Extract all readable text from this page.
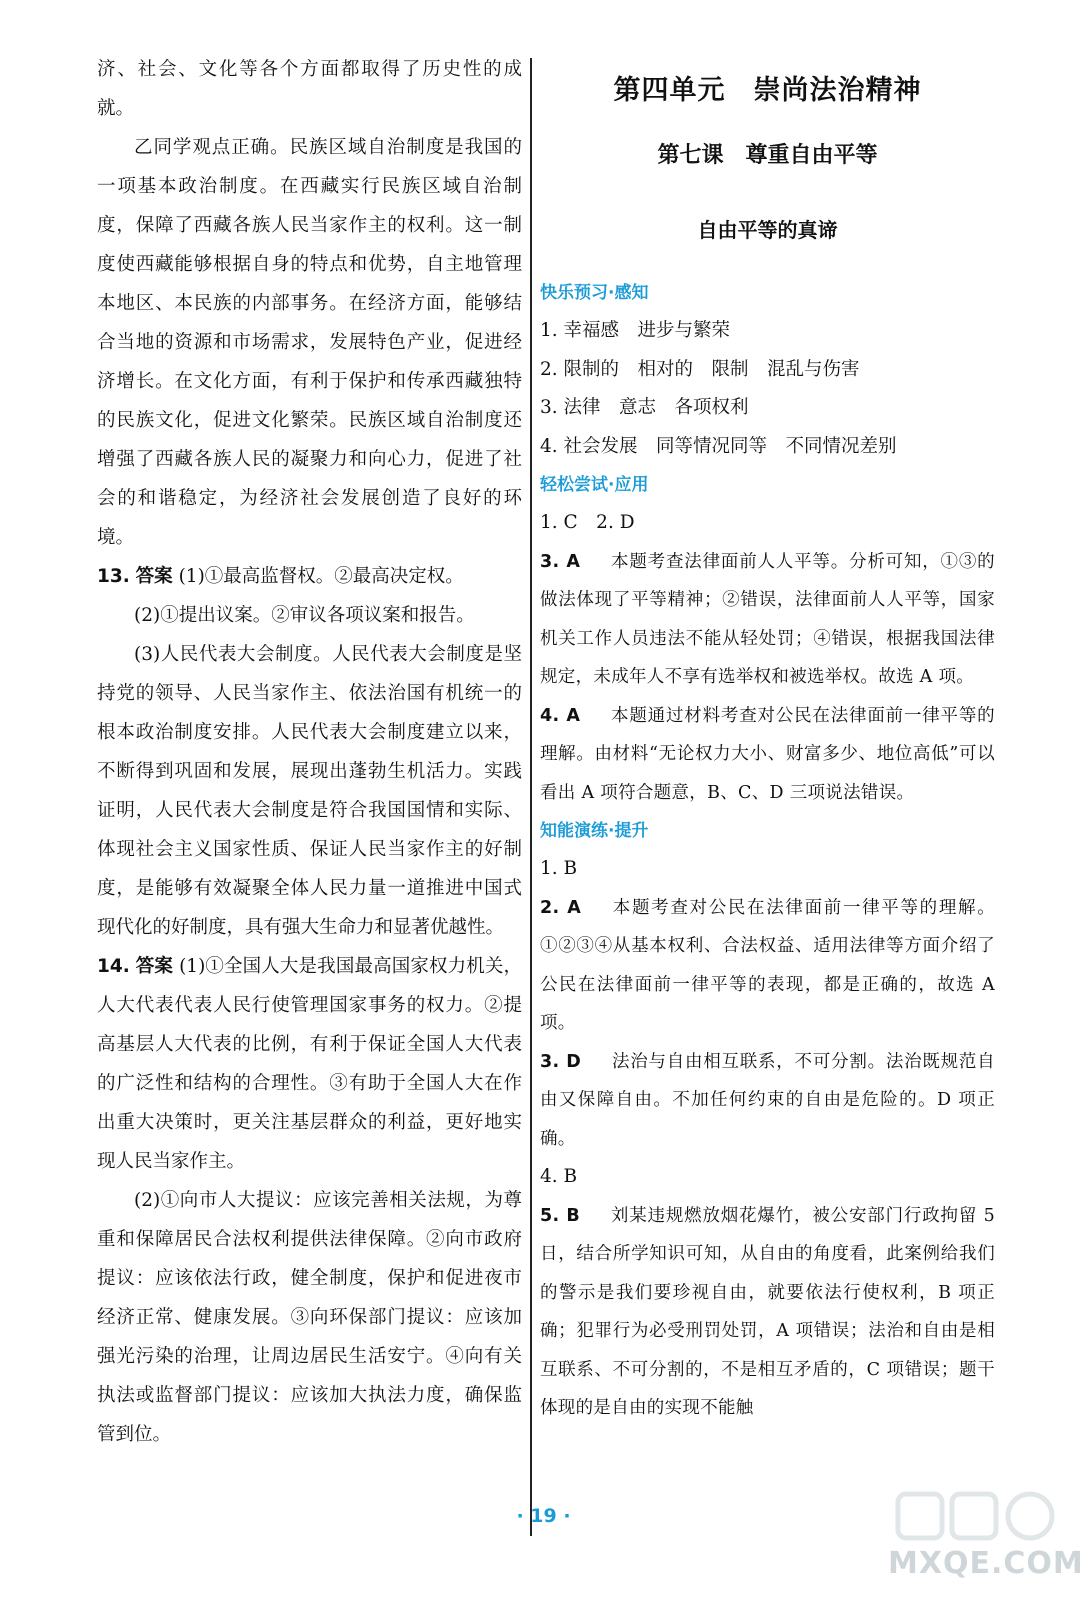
济、社会、文化等各个方面都取得了历史性的成就。

乙同学观点正确。民族区域自治制度是我国的一项基本政治制度。在西藏实行民族区域自治制度，保障了西藏各族人民当家作主的权利。这一制度使西藏能够根据自身的特点和优势，自主地管理本地区、本民族的内部事务。在经济方面，能够结合当地的资源和市场需求，发展特色产业，促进经济增长。在文化方面，有利于保护和传承西藏独特的民族文化，促进文化繁荣。民族区域自治制度还增强了西藏各族人民的凝聚力和向心力，促进了社会的和谐稳定，为经济社会发展创造了良好的环境。

13. 答案 (1)①最高监督权。②最高决定权。

(2)①提出议案。②审议各项议案和报告。

(3)人民代表大会制度。人民代表大会制度是坚持党的领导、人民当家作主、依法治国有机统一的根本政治制度安排。人民代表大会制度建立以来，不断得到巩固和发展，展现出蓬勃生机活力。实践证明，人民代表大会制度是符合我国国情和实际、体现社会主义国家性质、保证人民当家作主的好制度，是能够有效凝聚全体人民力量一道推进中国式现代化的好制度，具有强大生命力和显著优越性。

14. 答案 (1)①全国人大是我国最高国家权力机关，人大代表代表人民行使管理国家事务的权力。②提高基层人大代表的比例，有利于保证全国人大代表的广泛性和结构的合理性。③有助于全国人大在作出重大决策时，更关注基层群众的利益，更好地实现人民当家作主。

(2)①向市人大提议：应该完善相关法规，为尊重和保障居民合法权利提供法律保障。②向市政府提议：应该依法行政，健全制度，保护和促进夜市经济正常、健康发展。③向环保部门提议：应该加强光污染的治理，让周边居民生活安宁。④向有关执法或监督部门提议：应该加大执法力度，确保监管到位。

第四单元　崇尚法治精神
第七课　尊重自由平等
自由平等的真谛

快乐预习·感知

1. 幸福感　进步与繁荣

2. 限制的　相对的　限制　混乱与伤害

3. 法律　意志　各项权利

4. 社会发展　同等情况同等　不同情况差别

轻松尝试·应用

1. C　2. D

3. A 本题考查法律面前人人平等。分析可知，①③的做法体现了平等精神；②错误，法律面前人人平等，国家机关工作人员违法不能从轻处罚；④错误，根据我国法律规定，未成年人不享有选举权和被选举权。故选 A 项。

4. A 本题通过材料考查对公民在法律面前一律平等的理解。由材料“无论权力大小、财富多少、地位高低”可以看出 A 项符合题意，B、C、D 三项说法错误。

知能演练·提升

1. B

2. A 本题考查对公民在法律面前一律平等的理解。①②③④从基本权利、合法权益、适用法律等方面介绍了公民在法律面前一律平等的表现，都是正确的，故选 A 项。

3. D 法治与自由相互联系，不可分割。法治既规范自由又保障自由。不加任何约束的自由是危险的。D 项正确。

4. B

5. B 刘某违规燃放烟花爆竹，被公安部门行政拘留 5 日，结合所学知识可知，从自由的角度看，此案例给我们的警示是我们要珍视自由，就要依法行使权利，B 项正确；犯罪行为必受刑罚处罚，A 项错误；法治和自由是相互联系、不可分割的，不是相互矛盾的，C 项错误；题干体现的是自由的实现不能触

· 19 ·
MXQE.COM
